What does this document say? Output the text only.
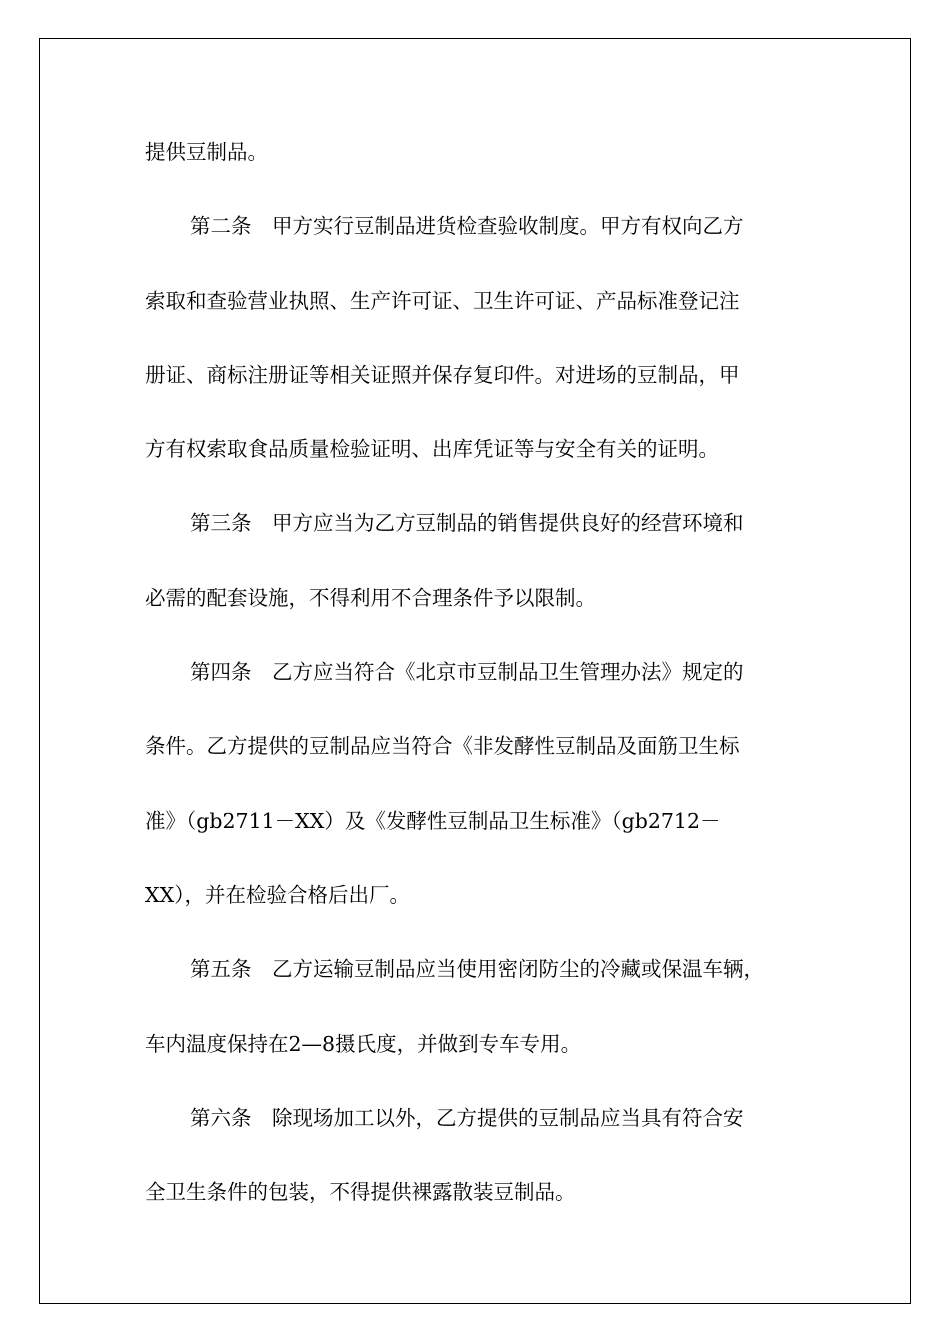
提供豆制品。

第二条　甲方实行豆制品进货检查验收制度。甲方有权向乙方

索取和查验营业执照、生产许可证、卫生许可证、产品标准登记注

册证、商标注册证等相关证照并保存复印件。对进场的豆制品，甲

方有权索取食品质量检验证明、出库凭证等与安全有关的证明。

第三条　甲方应当为乙方豆制品的销售提供良好的经营环境和

必需的配套设施，不得利用不合理条件予以限制。

第四条　乙方应当符合《北京市豆制品卫生管理办法》规定的

条件。乙方提供的豆制品应当符合《非发酵性豆制品及面筋卫生标

准》（gb2711－XX）及《发酵性豆制品卫生标准》（gb2712－

XX），并在检验合格后出厂。

第五条　乙方运输豆制品应当使用密闭防尘的冷藏或保温车辆，

车内温度保持在2—8摄氏度，并做到专车专用。

第六条　除现场加工以外，乙方提供的豆制品应当具有符合安

全卫生条件的包装，不得提供裸露散装豆制品。
